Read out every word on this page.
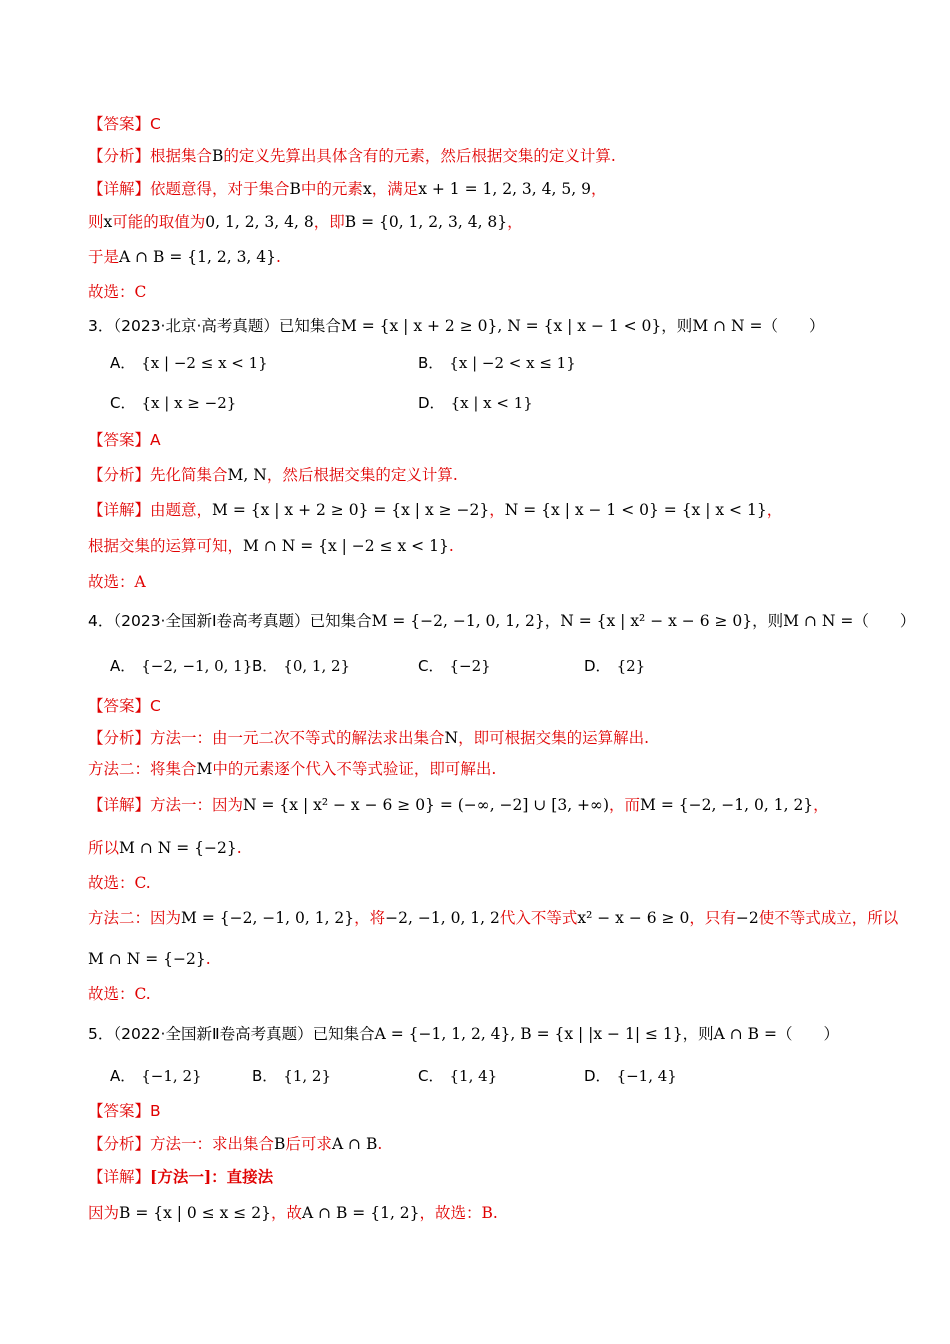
【答案】C
【分析】根据集合B的定义先算出具体含有的元素，然后根据交集的定义计算.
【详解】依题意得，对于集合B中的元素x，满足x + 1 = 1, 2, 3, 4, 5, 9，
则x可能的取值为0, 1, 2, 3, 4, 8，即B = {0, 1, 2, 3, 4, 8}，
于是A ∩ B = {1, 2, 3, 4}.
故选：C
3．（2023·北京·高考真题）已知集合M = {x | x + 2 ≥ 0}, N = {x | x − 1 < 0}，则M ∩ N =（　　）
A． {x | −2 ≤ x < 1}	B． {x | −2 < x ≤ 1}
C． {x | x ≥ −2}	D． {x | x < 1}
【答案】A
【分析】先化简集合M, N，然后根据交集的定义计算.
【详解】由题意，M = {x | x + 2 ≥ 0} = {x | x ≥ −2}，N = {x | x − 1 < 0} = {x | x < 1}，
根据交集的运算可知，M ∩ N = {x | −2 ≤ x < 1}.
故选：A
4．（2023·全国新Ⅰ卷高考真题）已知集合M = {−2, −1, 0, 1, 2}，N = {x | x² − x − 6 ≥ 0}，则M ∩ N =（　　）
A． {−2, −1, 0, 1} B． {0, 1, 2}	C． {−2}	D． {2}
【答案】C
【分析】方法一：由一元二次不等式的解法求出集合N，即可根据交集的运算解出.
方法二：将集合M中的元素逐个代入不等式验证，即可解出.
【详解】方法一：因为N = {x | x² − x − 6 ≥ 0} = (−∞, −2] ∪ [3, +∞)，而M = {−2, −1, 0, 1, 2}，
所以M ∩ N = {−2}.
故选：C.
方法二：因为M = {−2, −1, 0, 1, 2}，将−2, −1, 0, 1, 2代入不等式x² − x − 6 ≥ 0，只有−2使不等式成立，所以
M ∩ N = {−2}.
故选：C.
5．（2022·全国新Ⅱ卷高考真题）已知集合A = {−1, 1, 2, 4}, B = {x | |x − 1| ≤ 1}，则A ∩ B =（　　）
A． {−1, 2}	B． {1, 2}	C． {1, 4}	D． {−1, 4}
【答案】B
【分析】方法一：求出集合B后可求A ∩ B.
【详解】[方法一]：直接法
因为B = {x | 0 ≤ x ≤ 2}，故A ∩ B = {1, 2}，故选：B.
